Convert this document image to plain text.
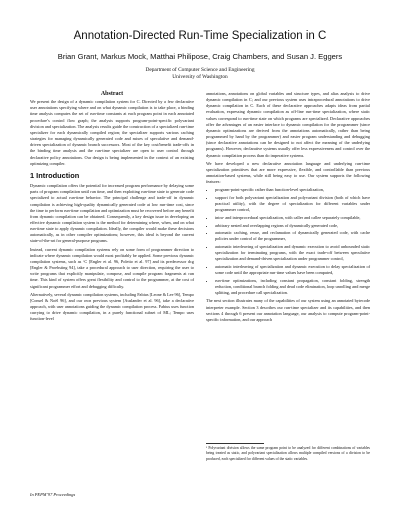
Annotation-Directed Run-Time Specialization in C
Brian Grant, Markus Mock, Matthai Philipose, Craig Chambers, and Susan J. Eggers
Department of Computer Science and Engineering
University of Washington
Abstract

We present the design of a dynamic compilation system for C. Directed by a few declarative user annotations specifying where and on what dynamic compilation is to take place, a binding time analysis computes the set of run-time constants at each program point in each annotated procedure’s control flow graph; the analysis supports program-point-specific polyvariant division and specialization. The analysis results guide the construction of a specialized run-time specializer for each dynamically compiled region; the specializer supports various caching strategies for managing dynamically generated code and mixes of speculative and demand-driven specialization of dynamic branch successors. Most of the key cost/benefit trade-offs in the binding time analysis and the run-time specializer are open to user control through declarative policy annotations. Our design is being implemented in the context of an existing optimizing compiler.

1 Introduction

Dynamic compilation offers the potential for increased program performance by delaying some parts of program compilation until run time, and then exploiting run-time state to generate code specialized to actual run-time behavior. The principal challenge and trade-off in dynamic compilation is achieving high-quality dynamically generated code at low run-time cost, since the time to perform run-time compilation and optimization must be recovered before any benefit from dynamic compilation can be obtained. Consequently, a key design issue in developing an effective dynamic compilation system is the method for determining where, when, and on what run-time state to apply dynamic compilation. Ideally, the compiler would make these decisions automatically, as in other compiler optimizations; however, this ideal is beyond the current state-of-the-art for general-purpose programs.

Instead, current dynamic compilation systems rely on some form of programmer direction to indicate where dynamic compilation would most profitably be applied. Some previous dynamic compilation systems, such as ‘C [Engler et al. 96, Poletto et al. 97] and its predecessor dcg [Engler & Proebsting 94], take a procedural approach to user direction, requiring the user to write programs that explicitly manipulate, compose, and compile program fragments at run time. This kind of system offers great flexibility and control to the programmer, at the cost of significant programmer effort and debugging difficulty.

Alternatively, several dynamic compilation systems, including Fabius [Leone & Lee 96], Tempo [Consel & Noël 96], and our own previous system [Auslander et al. 96], take a declarative approach, with user annotations guiding the dynamic compilation process. Fabius uses function currying to drive dynamic compilation, in a purely functional subset of ML; Tempo uses function-level

annotations, annotations on global variables and structure types, and alias analysis to drive dynamic compilation in C; and our previous system uses intraprocedural annotations to drive dynamic compilation in C. Each of these declarative approaches adapts ideas from partial evaluation, expressing dynamic compilation as off-line run-time specialization, where static values correspond to run-time state on which programs are specialized. Declarative approaches offer the advantages of an easier interface to dynamic compilation for the programmer (since dynamic optimizations are derived from the annotations automatically, rather than being programmed by hand by the programmer) and easier program understanding and debugging (since declarative annotations can be designed to not affect the meaning of the underlying programs). However, declarative systems usually offer less expressiveness and control over the dynamic compilation process than do imperative systems.

We have developed a new declarative annotation language and underlying run-time specialization primitives that are more expressive, flexible, and controllable than previous annotation-based systems, while still being easy to use. Our system supports the following features:

• program-point-specific rather than function-level specialization,
• support for both polyvariant specialization and polyvariant division (both of which have practical utility), with the degree of specialization for different variables under programmer control,
• intra- and interprocedural specialization, with caller and callee separately compilable,
• arbitrary nested and overlapping regions of dynamically generated code,
• automatic caching, reuse, and reclamation of dynamically generated code, with cache policies under control of the programmer,
• automatic interleaving of specialization and dynamic execution to avoid unbounded static specialization for terminating programs, with the exact trade-off between speculative specialization and demand-driven specialization under programmer control,
• automatic interleaving of specialization and dynamic execution to delay specialization of some code until the appropriate run-time values have been computed,
• run-time optimizations, including constant propagation, constant folding, strength reduction, conditional branch folding and dead code elimination, loop unrolling and merge splitting, and procedure call specialization.

The next section illustrates many of the capabilities of our system using an annotated bytecode interpreter example. Section 3 describes our run-time specializer and its capabilities, and then sections 4 through 6 present our annotation language, our analysis to compute program-point-specific information, and our approach

¹ Polyvariant division allows the same program point to be analyzed for different combinations of variables being treated as static, and polyvariant specialization allows multiple compiled versions of a division to be produced, each specialized for different values of the static variables.
In PEPM’97 Proceedings
